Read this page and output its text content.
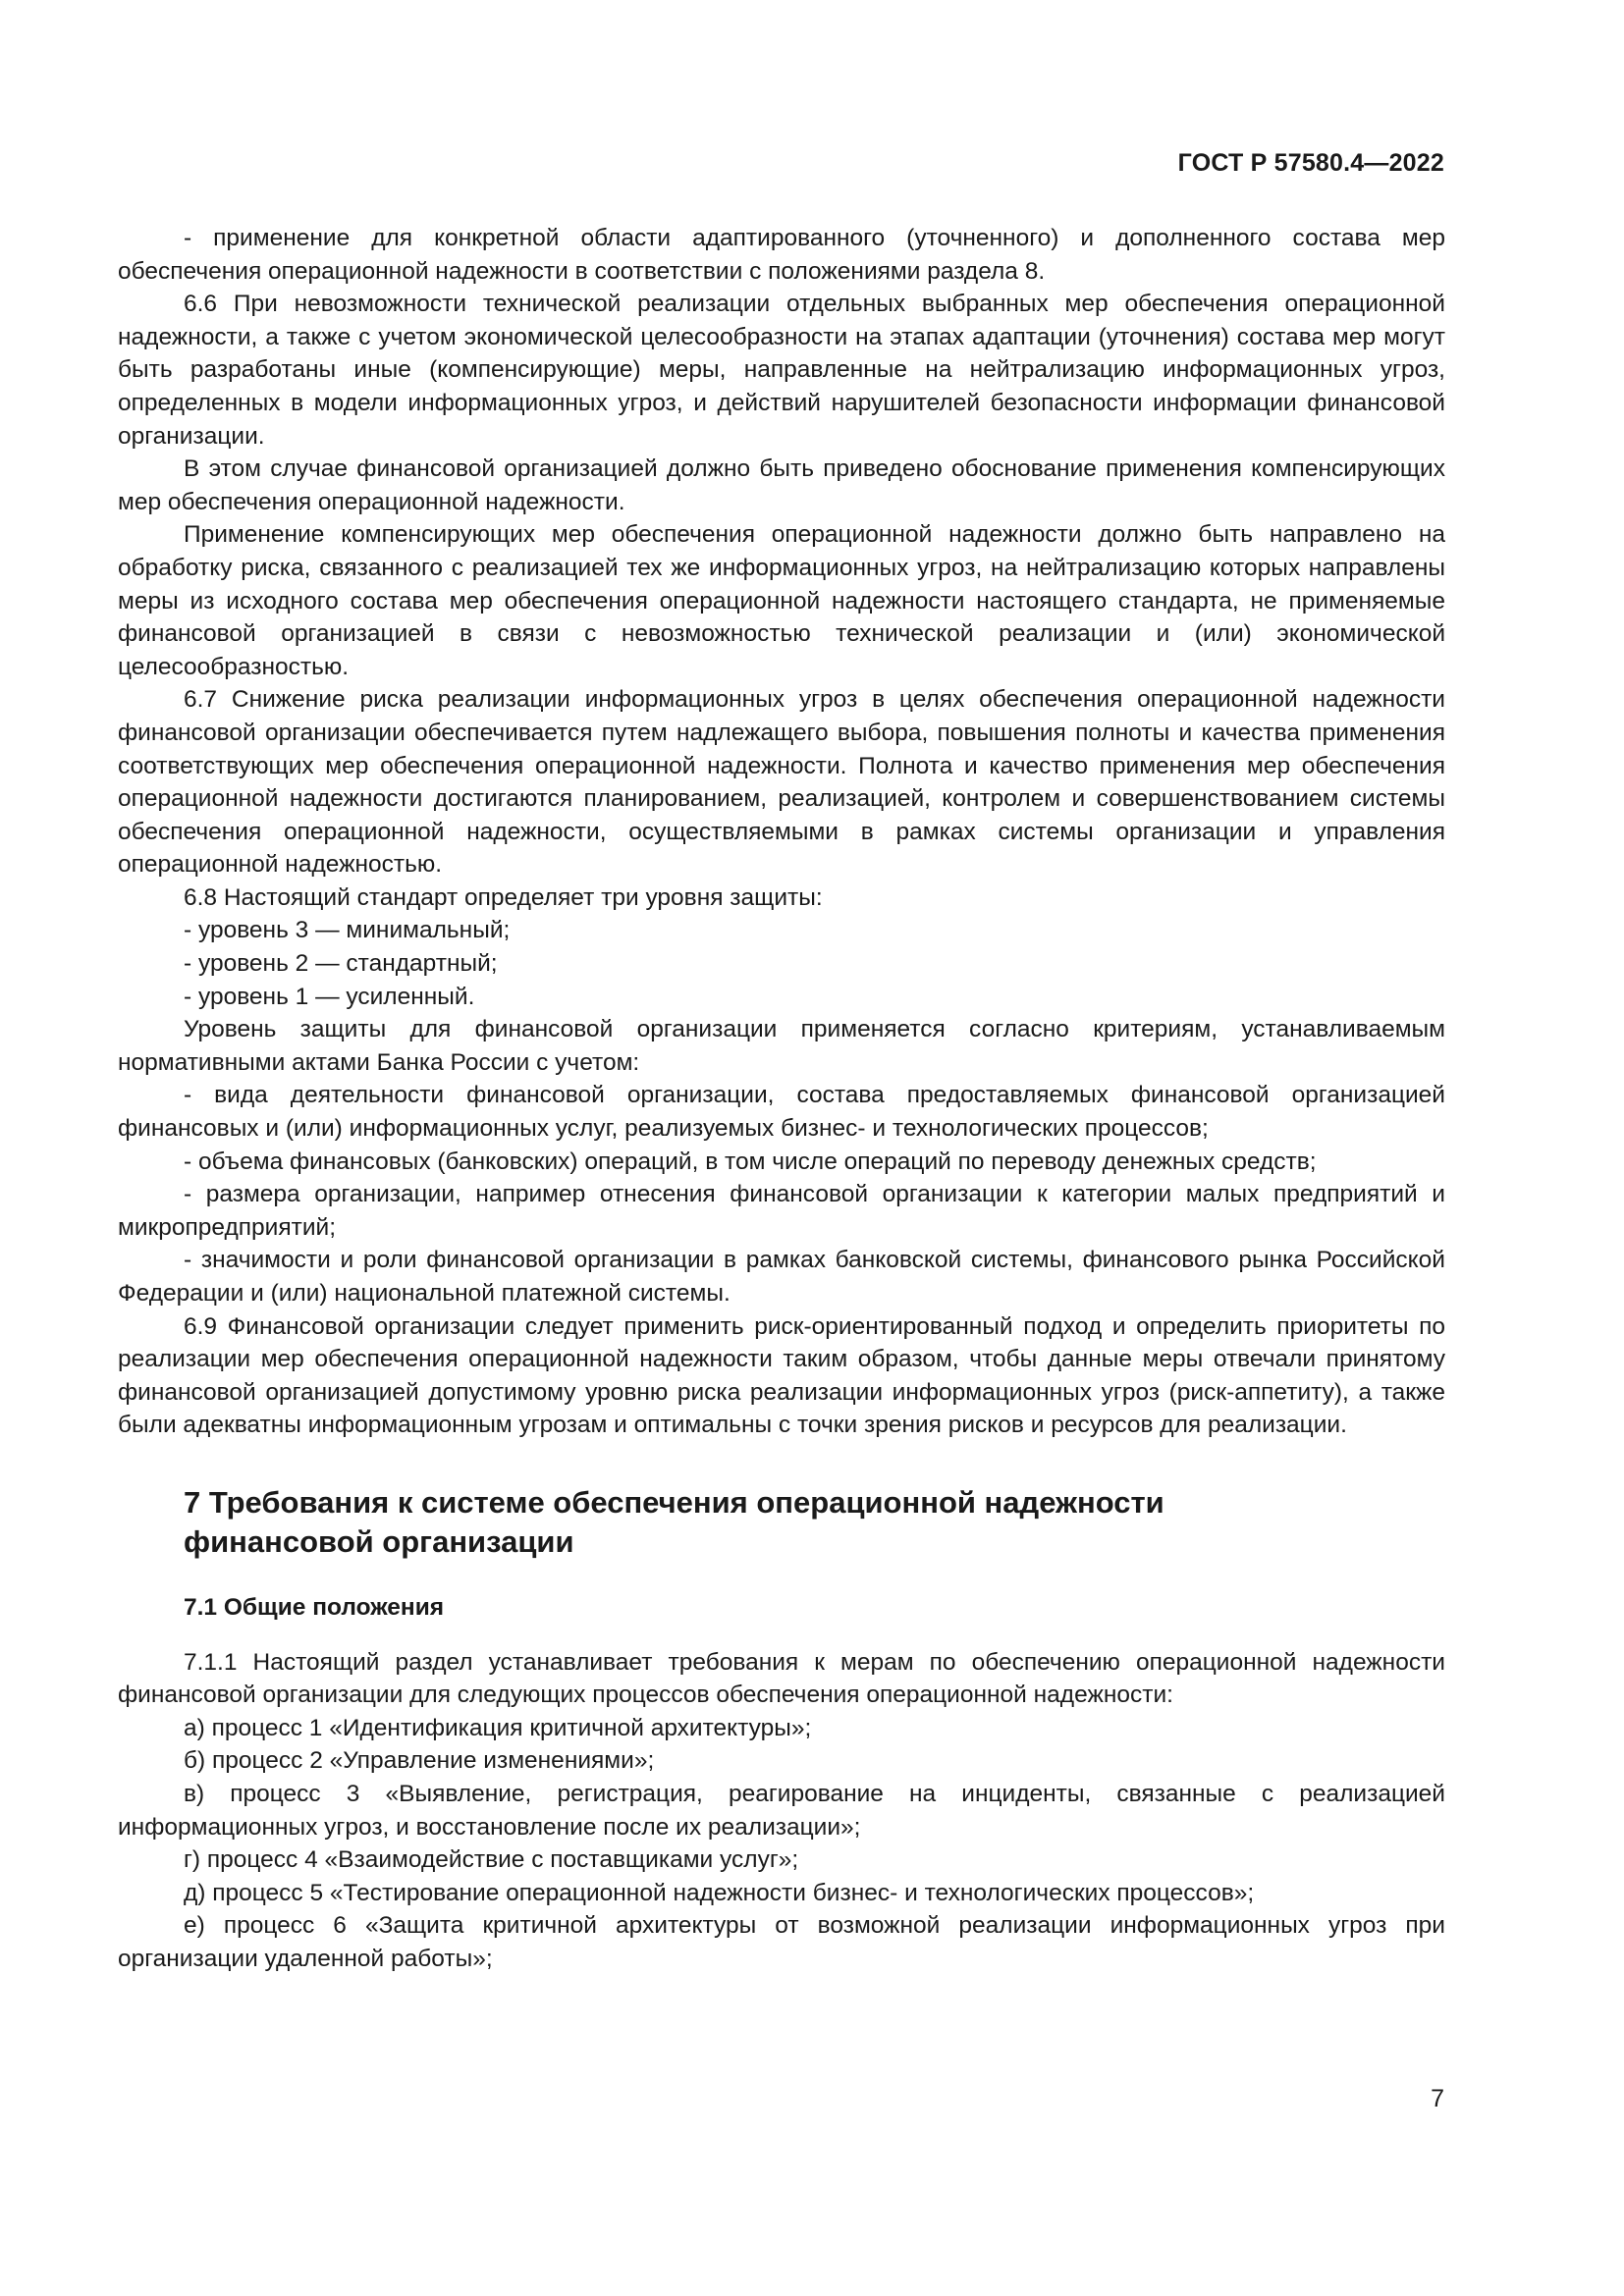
ГОСТ Р 57580.4—2022

- применение для конкретной области адаптированного (уточненного) и дополненного состава мер обеспечения операционной надежности в соответствии с положениями раздела 8.

6.6 При невозможности технической реализации отдельных выбранных мер обеспечения операционной надежности, а также с учетом экономической целесообразности на этапах адаптации (уточнения) состава мер могут быть разработаны иные (компенсирующие) меры, направленные на нейтрализацию информационных угроз, определенных в модели информационных угроз, и действий нарушителей безопасности информации финансовой организации.

В этом случае финансовой организацией должно быть приведено обоснование применения компенсирующих мер обеспечения операционной надежности.

Применение компенсирующих мер обеспечения операционной надежности должно быть направлено на обработку риска, связанного с реализацией тех же информационных угроз, на нейтрализацию которых направлены меры из исходного состава мер обеспечения операционной надежности настоящего стандарта, не применяемые финансовой организацией в связи с невозможностью технической реализации и (или) экономической целесообразностью.

6.7 Снижение риска реализации информационных угроз в целях обеспечения операционной надежности финансовой организации обеспечивается путем надлежащего выбора, повышения полноты и качества применения соответствующих мер обеспечения операционной надежности. Полнота и качество применения мер обеспечения операционной надежности достигаются планированием, реализацией, контролем и совершенствованием системы обеспечения операционной надежности, осуществляемыми в рамках системы организации и управления операционной надежностью.

6.8 Настоящий стандарт определяет три уровня защиты:

- уровень 3 — минимальный;

- уровень 2 — стандартный;

- уровень 1 — усиленный.

Уровень защиты для финансовой организации применяется согласно критериям, устанавливаемым нормативными актами Банка России с учетом:

- вида деятельности финансовой организации, состава предоставляемых финансовой организацией финансовых и (или) информационных услуг, реализуемых бизнес- и технологических процессов;

- объема финансовых (банковских) операций, в том числе операций по переводу денежных средств;

- размера организации, например отнесения финансовой организации к категории малых предприятий и микропредприятий;

- значимости и роли финансовой организации в рамках банковской системы, финансового рынка Российской Федерации и (или) национальной платежной системы.

6.9 Финансовой организации следует применить риск-ориентированный подход и определить приоритеты по реализации мер обеспечения операционной надежности таким образом, чтобы данные меры отвечали принятому финансовой организацией допустимому уровню риска реализации информационных угроз (риск-аппетиту), а также были адекватны информационным угрозам и оптимальны с точки зрения рисков и ресурсов для реализации.

7 Требования к системе обеспечения операционной надежности
финансовой организации
7.1 Общие положения

7.1.1 Настоящий раздел устанавливает требования к мерам по обеспечению операционной надежности финансовой организации для следующих процессов обеспечения операционной надежности:

а) процесс 1 «Идентификация критичной архитектуры»;

б) процесс 2 «Управление изменениями»;

в) процесс 3 «Выявление, регистрация, реагирование на инциденты, связанные с реализацией информационных угроз, и восстановление после их реализации»;

г) процесс 4 «Взаимодействие с поставщиками услуг»;

д) процесс 5 «Тестирование операционной надежности бизнес- и технологических процессов»;

е) процесс 6 «Защита критичной архитектуры от возможной реализации информационных угроз при организации удаленной работы»;

7
